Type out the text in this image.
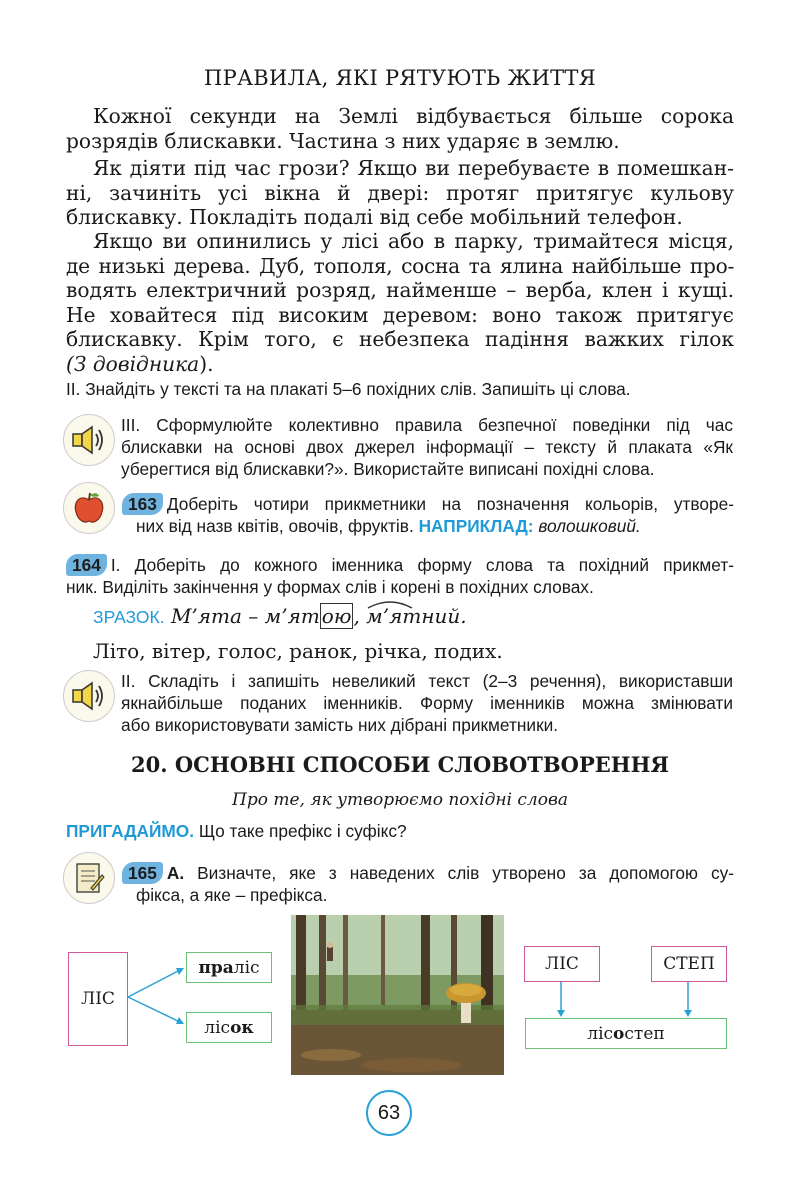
ПРАВИЛА, ЯКІ РЯТУЮТЬ ЖИТТЯ
Кожної секунди на Землі відбувається більше сорока
розрядів блискавки. Частина з них ударяє в землю.
Як діяти під час грози? Якщо ви перебуваєте в помешкан-
ні, зачиніть усі вікна й двері: протяг притягує кульову
блискавку. Покладіть подалі від себе мобільний телефон.
Якщо ви опинились у лісі або в парку, тримайтеся місця,
де низькі дерева. Дуб, тополя, сосна та ялина найбільше про-
водять електричний розряд, найменше – верба, клен і кущі.
Не ховайтеся під високим деревом: воно також притягує
блискавку. Крім того, є небезпека падіння важких гілок
(З довідника).
ІІ. Знайдіть у тексті та на плакаті 5–6 похідних слів. Запишіть ці слова.
ІІІ. Сформулюйте колективно правила безпечної поведінки під час
блискавки на основі двох джерел інформації – тексту й плаката «Як
уберегтися від блискавки?». Використайте виписані похідні слова.
163 Доберіть чотири прикметники на позначення кольорів, утворе-
них від назв квітів, овочів, фруктів. НАПРИКЛАД: волошковий.
164 І. Доберіть до кожного іменника форму слова та похідний прикмет-
ник. Виділіть закінчення у формах слів і корені в похідних словах.
ЗРАЗОК. М’ята – м’ят ою , м’ятний.
Літо, вітер, голос, ранок, річка, подих.
ІІ. Складіть і запишіть невеликий текст (2–3 речення), використавши
якнайбільше поданих іменників. Форму іменників можна змінювати
або використовувати замість них дібрані прикметники.
20. ОСНОВНІ СПОСОБИ СЛОВОТВОРЕННЯ
Про те, як утворюємо похідні слова
ПРИГАДАЙМО. Що таке префікс і суфікс?
165 А. Визначте, яке з наведених слів утворено за допомогою су-
фікса, а яке – префікса.
ЛІС
пра ліс
ліс ок
ЛІС	СТЕП
ліс о степ
63
